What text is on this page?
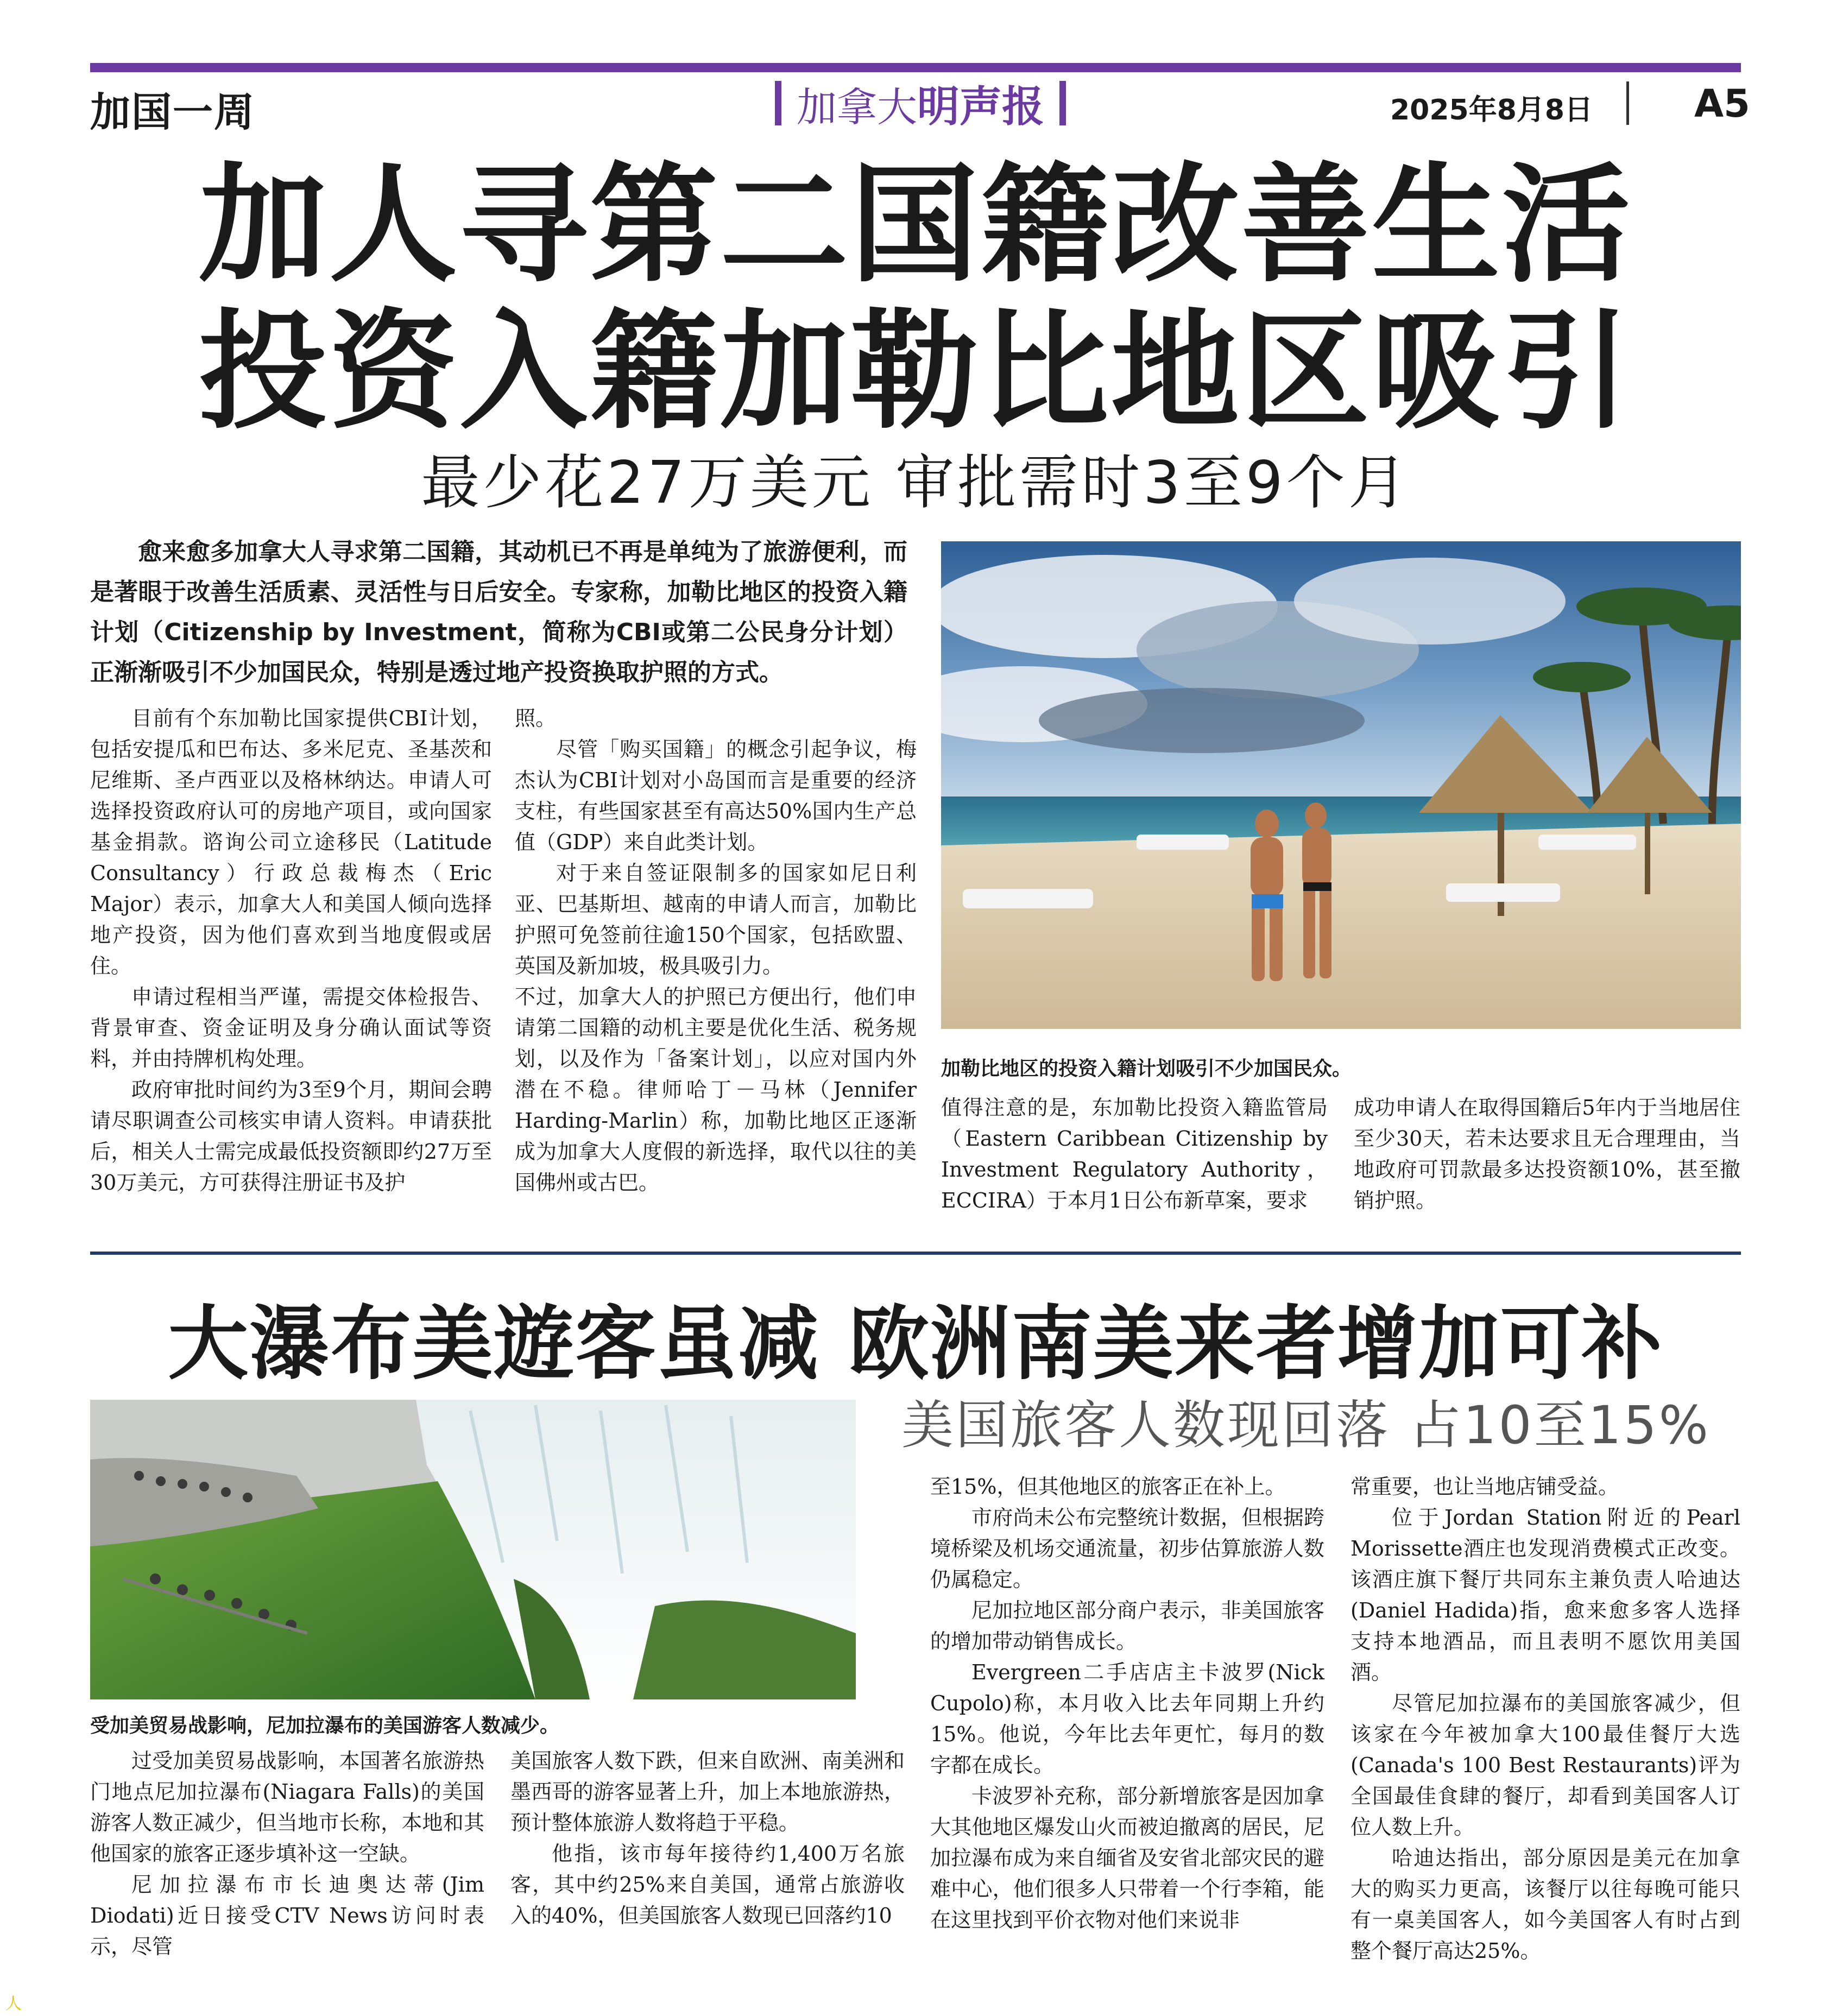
加国一周	加拿大明声报	2025年8月8日	A5
加人寻第二国籍改善生活
投资入籍加勒比地区吸引
最少花27万美元 审批需时3至9个月

愈来愈多加拿大人寻求第二国籍，其动机已不再是单纯为了旅游便利，而是著眼于改善生活质素、灵活性与日后安全。专家称，加勒比地区的投资入籍计划（Citizenship by Investment，简称为CBI或第二公民身分计划）正渐渐吸引不少加国民众，特别是透过地产投资换取护照的方式。

目前有个东加勒比国家提供CBI计划，包括安提瓜和巴布达、多米尼克、圣基茨和尼维斯、圣卢西亚以及格林纳达。申请人可选择投资政府认可的房地产项目，或向国家基金捐款。谘询公司立途移民（Latitude Consultancy）行政总裁梅杰（Eric Major）表示，加拿大人和美国人倾向选择地产投资，因为他们喜欢到当地度假或居住。

申请过程相当严谨，需提交体检报告、背景审查、资金证明及身分确认面试等资料，并由持牌机构处理。

政府审批时间约为3至9个月，期间会聘请尽职调查公司核实申请人资料。申请获批后，相关人士需完成最低投资额即约27万至30万美元，方可获得注册证书及护

照。

尽管「购买国籍」的概念引起争议，梅杰认为CBI计划对小岛国而言是重要的经济支柱，有些国家甚至有高达50%国内生产总值（GDP）来自此类计划。

对于来自签证限制多的国家如尼日利亚、巴基斯坦、越南的申请人而言，加勒比护照可免签前往逾150个国家，包括欧盟、英国及新加坡，极具吸引力。

不过，加拿大人的护照已方便出行，他们申请第二国籍的动机主要是优化生活、税务规划，以及作为「备案计划」，以应对国内外潜在不稳。律师哈丁－马林（Jennifer Harding-Marlin）称，加勒比地区正逐渐成为加拿大人度假的新选择，取代以往的美国佛州或古巴。

加勒比地区的投资入籍计划吸引不少加国民众。

值得注意的是，东加勒比投资入籍监管局（Eastern Caribbean Citizenship by Investment Regulatory Authority，ECCIRA）于本月1日公布新草案，要求

成功申请人在取得国籍后5年内于当地居住至少30天，若未达要求且无合理理由，当地政府可罚款最多达投资额10%，甚至撤销护照。

大瀑布美遊客虽减 欧洲南美来者增加可补
美国旅客人数现回落 占10至15%
受加美贸易战影响，尼加拉瀑布的美国游客人数减少。

过受加美贸易战影响，本国著名旅游热门地点尼加拉瀑布(Niagara Falls)的美国游客人数正减少，但当地市长称，本地和其他国家的旅客正逐步填补这一空缺。

尼加拉瀑布市长迪奥达蒂(Jim Diodati)近日接受CTV News访问时表示，尽管

美国旅客人数下跌，但来自欧洲、南美洲和墨西哥的游客显著上升，加上本地旅游热，预计整体旅游人数将趋于平稳。

他指，该市每年接待约1,400万名旅客，其中约25%来自美国，通常占旅游收入的40%，但美国旅客人数现已回落约10

至15%，但其他地区的旅客正在补上。

市府尚未公布完整统计数据，但根据跨境桥梁及机场交通流量，初步估算旅游人数仍属稳定。

尼加拉地区部分商户表示，非美国旅客的增加带动销售成长。

Evergreen二手店店主卡波罗(Nick Cupolo)称，本月收入比去年同期上升约15%。他说，今年比去年更忙，每月的数字都在成长。

卡波罗补充称，部分新增旅客是因加拿大其他地区爆发山火而被迫撤离的居民，尼加拉瀑布成为来自缅省及安省北部灾民的避难中心，他们很多人只带着一个行李箱，能在这里找到平价衣物对他们来说非

常重要，也让当地店铺受益。

位于Jordan Station附近的Pearl Morissette酒庄也发现消费模式正改变。该酒庄旗下餐厅共同东主兼负责人哈迪达(Daniel Hadida)指，愈来愈多客人选择支持本地酒品，而且表明不愿饮用美国酒。

尽管尼加拉瀑布的美国旅客减少，但该家在今年被加拿大100最佳餐厅大选(Canada's 100 Best Restaurants)评为全国最佳食肆的餐厅，却看到美国客人订位人数上升。

哈迪达指出，部分原因是美元在加拿大的购买力更高，该餐厅以往每晚可能只有一桌美国客人，如今美国客人有时占到整个餐厅高达25%。

人
